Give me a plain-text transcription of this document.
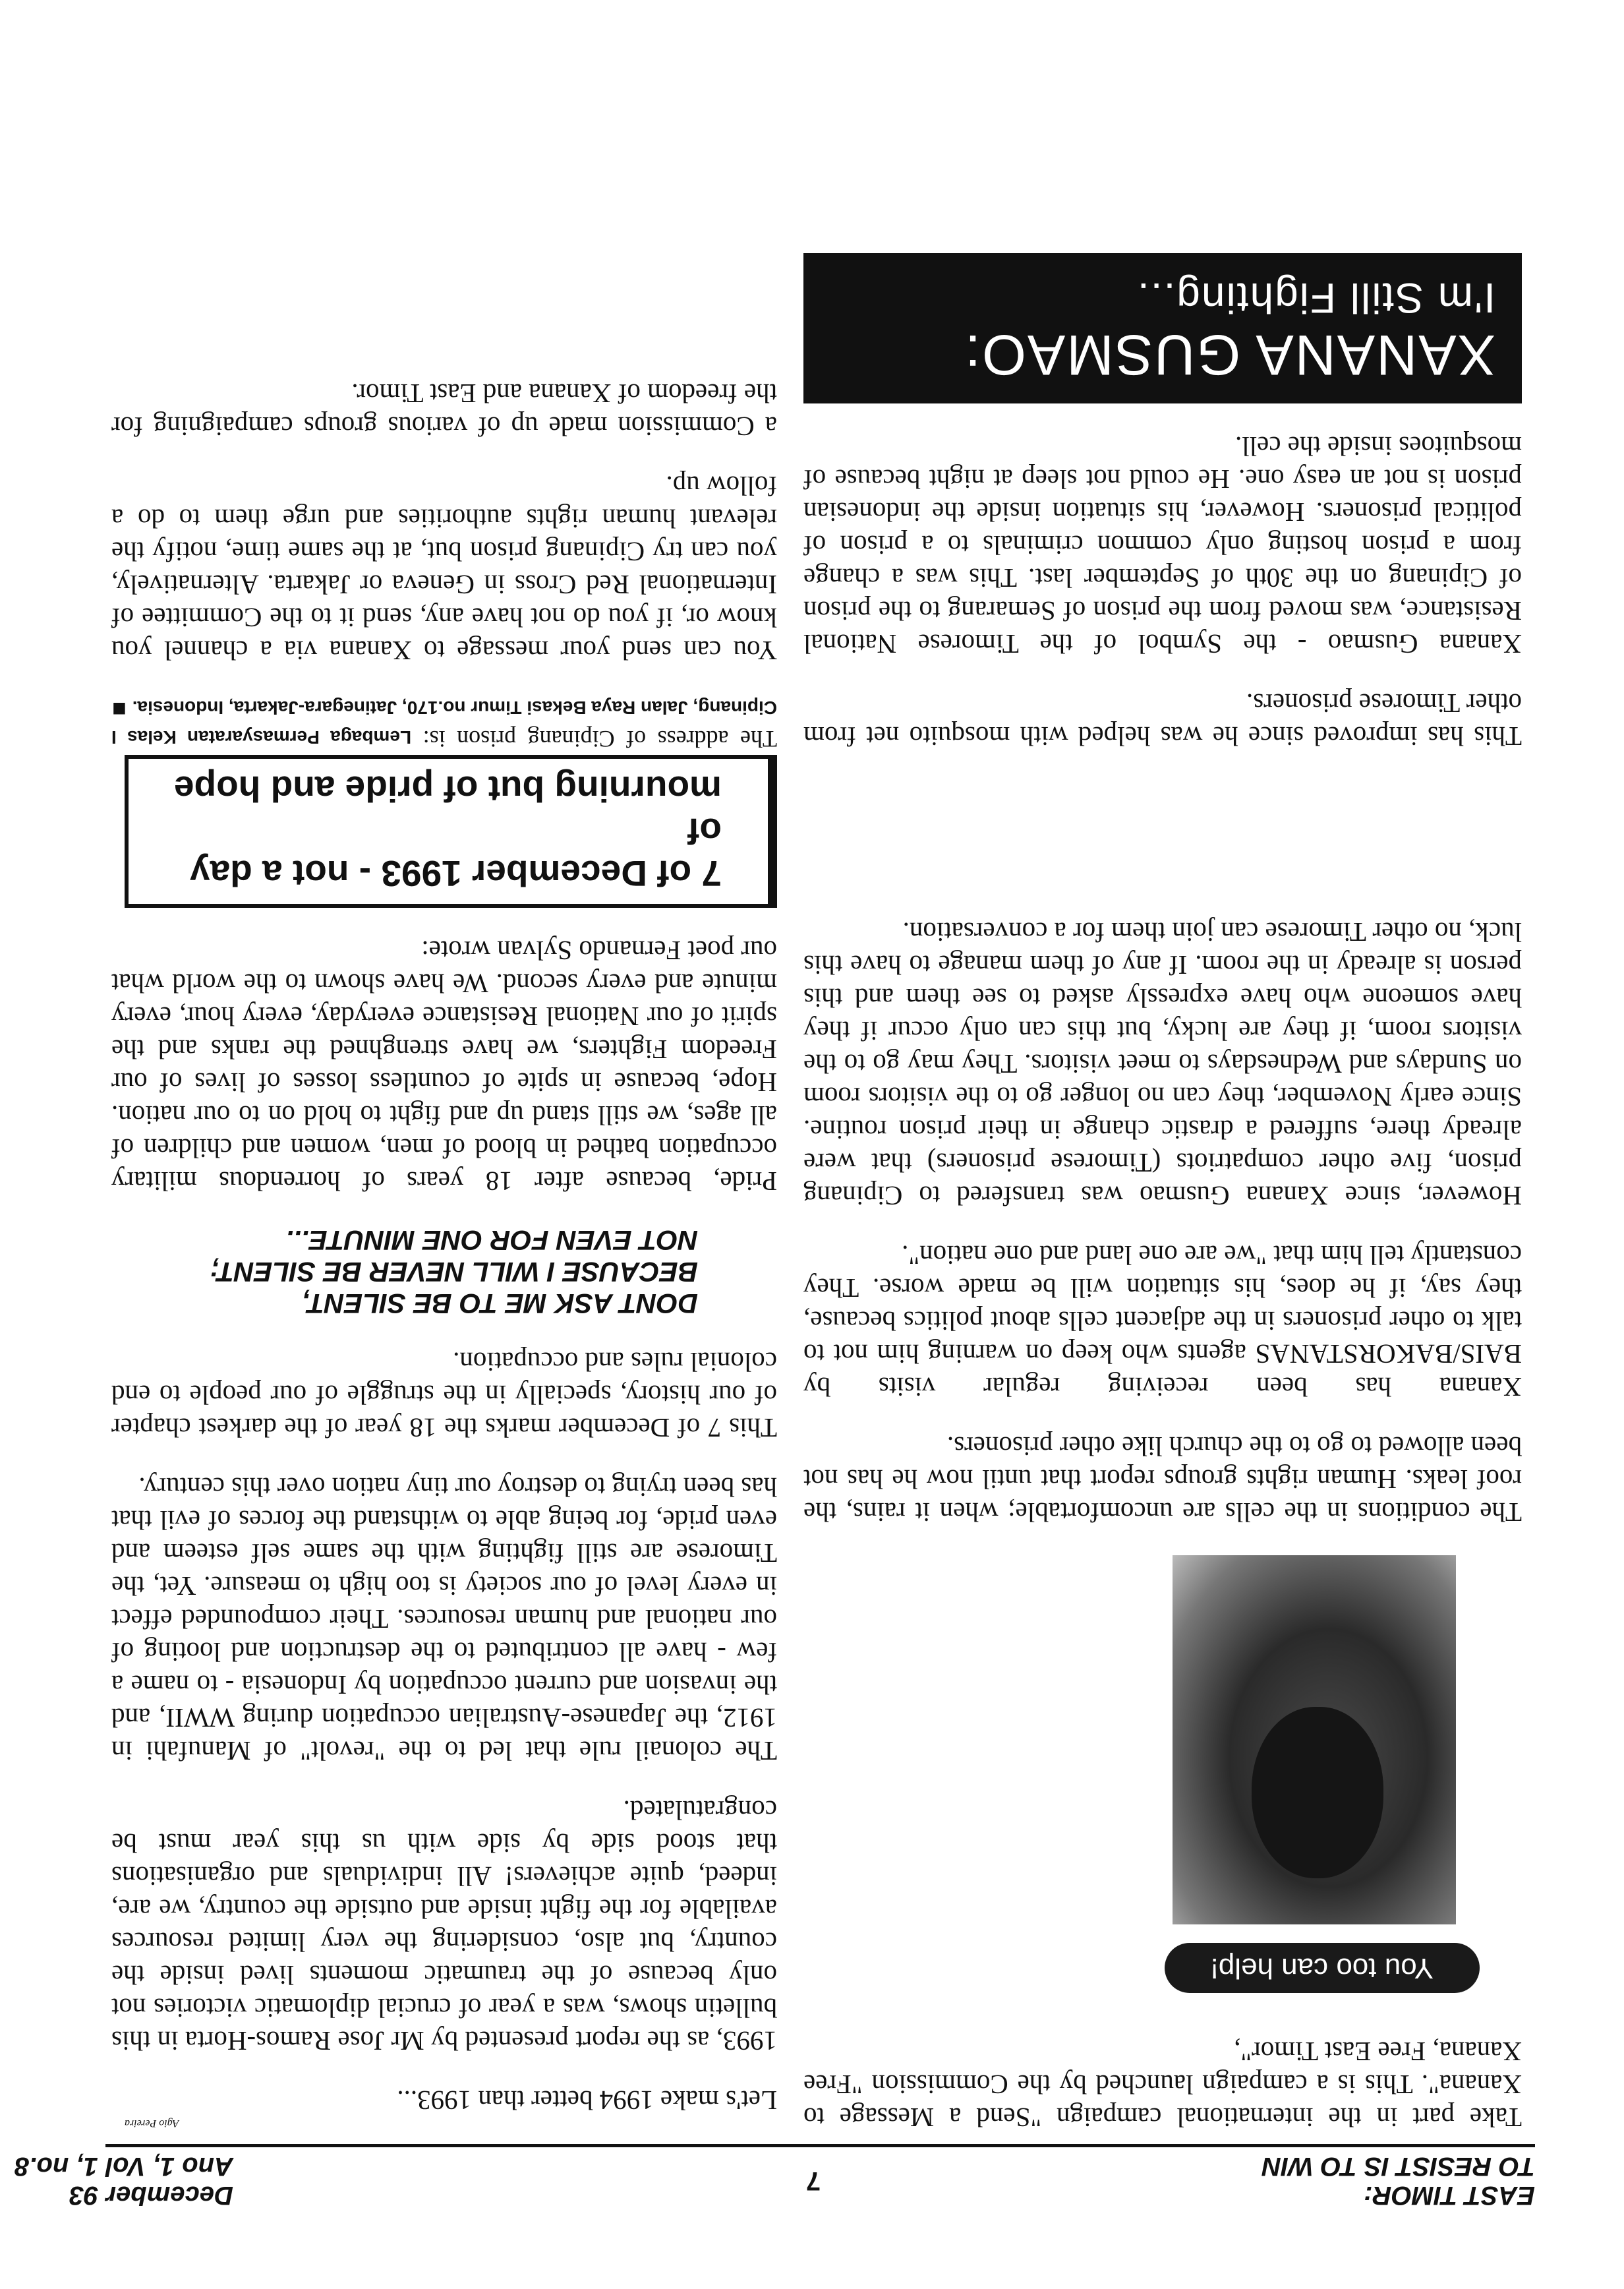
EAST TIMOR:
TO RESIST IS TO WIN
7
December 93
Ano 1, Vol 1, no.8

Take part in the international campaign "Send a Message to Xanana". This is a campaign launched by the Commission "Free Xanana, Free East Timor",

You too can help!

The conditions in the cells are uncomfortable; when it rains, the roof leaks. Human rights groups report that until now he has not been allowed to go to the church like other prisoners.

Xanana has been receiving regular visits by BAIS/BAKORSTANAS agents who keep on warning him not to talk to other prisoners in the adjacent cells about politics because, they say, if he does, his situation will be made worse. They constantly tell him that "we are one land and one nation".

However, since Xanana Gusmao was transfered to Cipinang prison, five other compatriots (Timorese prisoners) that were already there, suffered a drastic change in their prison routine. Since early November, they can no longer go to the visitors room on Sundays and Wednesdays to meet visitors. They may go to the visitors room, if they are lucky, but this can only occur if they have someone who have expressly asked to see them and this person is already in the room. If any of them manage to have this luck, no other Timorese can join them for a conversation.

Agio Pereira

Let's make 1994 better than 1993...

1993, as the report presented by Mr Jose Ramos-Horta in this bulletin shows, was a year of crucial diplomatic victories not only because of the traumatic moments lived inside the country, but also, considering the very limited resources available for the fight inside and outside the country, we are, indeed, quite achievers! All individuals and organisations that stood side by side with us this year must be congratulated.

The colonail rule that led to the "revolt" of Manufahi in 1912, the Japanese-Australian occupation during WWII, and the invasion and current occupation by Indonesia - to name a few - have all contributed to the destruction and looting of our national and human resources. Their compounded effect in every level of our society is too high to measure. Yet, the Timorese are still fighting with the same self esteem and even pride, for being able to withstand the forces of evil that has been trying to destroy our tiny nation over this century.

This 7 of December marks the 18 year of the darkest chapter of our history, specially in the struggle of our people to end colonial rules and occupation.

DONT ASK ME TO BE SILENT,
BECAUSE I WILL NEVER BE SILENT;
NOT EVEN FOR ONE MINUTE...

Pride, because after 18 years of horrendous military occupation bathed in blood of men, women and children of all ages, we still stand up and fight to hold on to our nation. Hope, because in spite of countless losses of lives of our Freedom Fighters, we have strenghned the ranks and the spirit of our National Resistance everyday, every hour, every minute and every second. We have shown to the world what our poet Fernando Sylvan wrote:

7 of December 1993 - not a day of
mourning but of pride and hope

The address of Cipinang prison is: Lembaga Permasyaratan Kelas I Cipinang, Jalan Raya Bekasi Timur no.170, Jatinegara-Jakarta, Indonesia. ■

You can send your message to Xanana via a channel you know or, if you do not have any, send it to the Committee of International Red Cross in Geneva or Jakarta. Alternatively, you can try Cipinang prison but, at the same time, notify the relevant human rights authorities and urge them to do a follow up.

a Commission made up of various groups campaigning for the freedom of Xanana and East Timor.

This has improved since he was helped with mosquito net from other Timorese prisoners.

Xanana Gusmao - the Symbol of the Timorese National Resistance, was moved from the prison of Semarang to the prison of Cipinang on the 30th of September last. This was a change from a prison hosting only common criminals to a prison of political prisoners. However, his situation inside the indonesian prison is not an easy one. He could not sleep at night because of mosquitoes inside the cell.

XANANA GUSMAO:
I'm Still Fighting...
